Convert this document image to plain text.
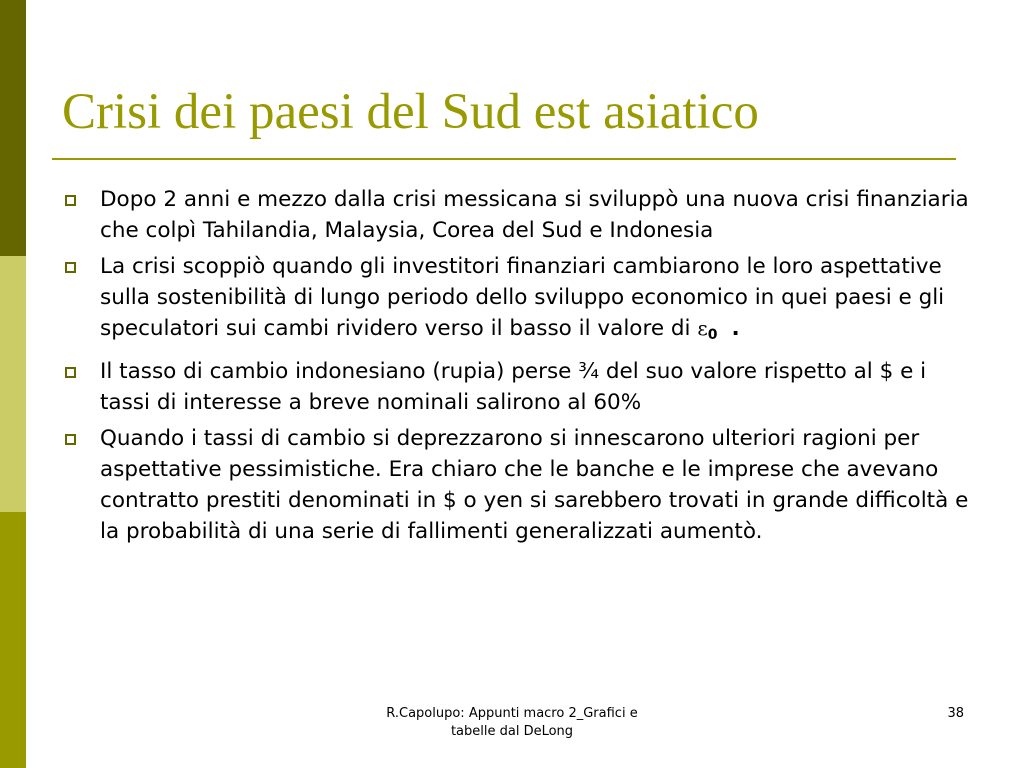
Crisi dei paesi del Sud est asiatico
Dopo 2 anni e mezzo dalla crisi messicana si sviluppò una nuova crisi finanziaria che colpì Tahilandia, Malaysia, Corea del Sud e Indonesia
La crisi scoppiò quando gli investitori finanziari cambiarono le loro aspettative sulla sostenibilità di lungo periodo dello sviluppo economico in quei paesi e gli speculatori sui cambi rividero verso il basso il valore di ε0 .
Il tasso di cambio indonesiano (rupia) perse ¾ del suo valore rispetto al $ e i tassi di interesse a breve nominali salirono al 60%
Quando i tassi di cambio si deprezzarono si innescarono ulteriori ragioni per aspettative pessimistiche. Era chiaro che le banche e le imprese che avevano contratto prestiti denominati in $ o yen si sarebbero trovati in grande difficoltà e la probabilità di una serie di fallimenti generalizzati aumentò.
R.Capolupo: Appunti macro 2_Grafici e
tabelle dal DeLong
38
